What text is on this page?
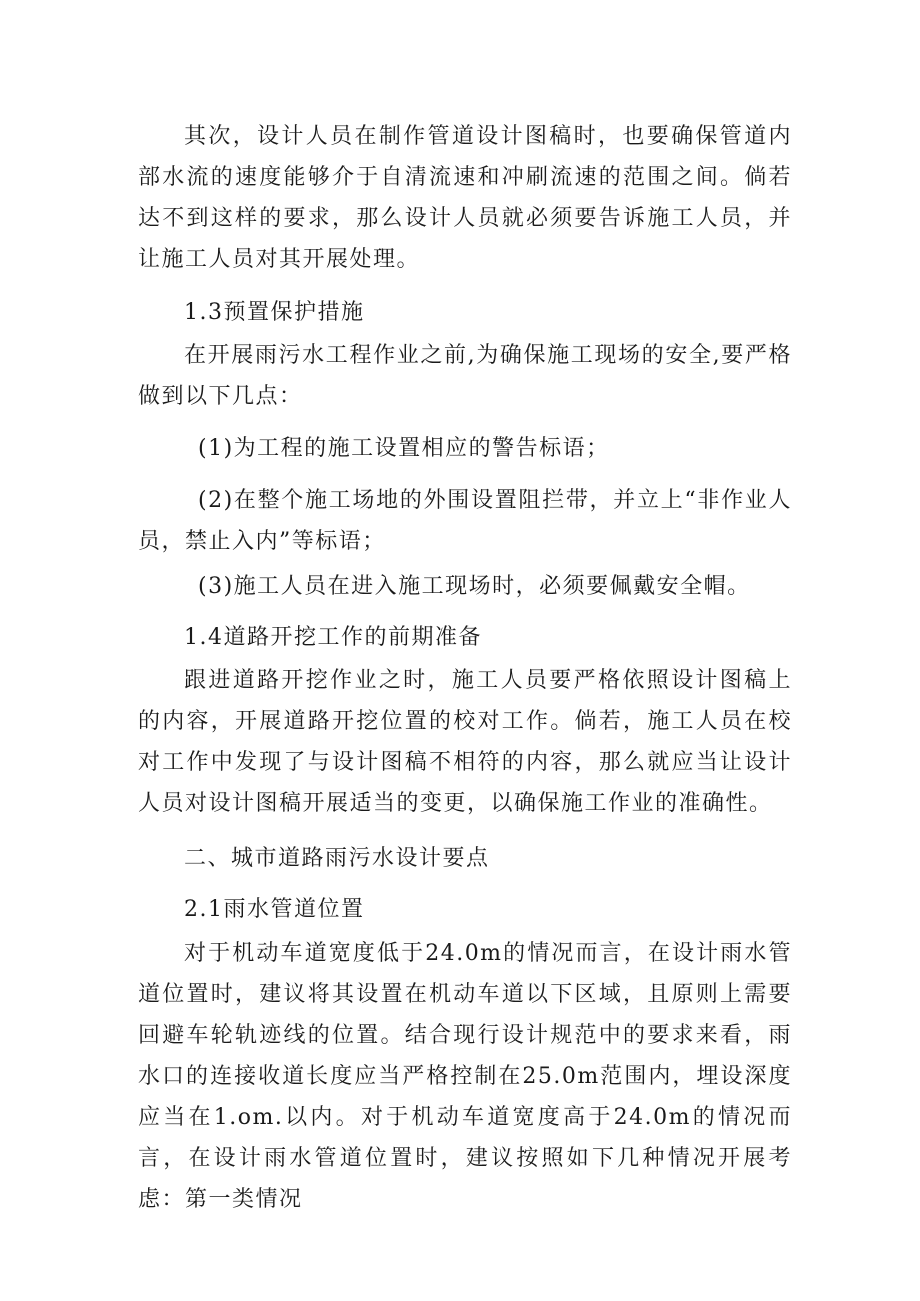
其次，设计人员在制作管道设计图稿时，也要确保管道内部水流的速度能够介于自清流速和冲刷流速的范围之间。倘若达不到这样的要求，那么设计人员就必须要告诉施工人员，并让施工人员对其开展处理。

1.3预置保护措施

在开展雨污水工程作业之前,为确保施工现场的安全,要严格做到以下几点：

(1)为工程的施工设置相应的警告标语；

(2)在整个施工场地的外围设置阻拦带，并立上“非作业人员，禁止入内”等标语；

(3)施工人员在进入施工现场时，必须要佩戴安全帽。

1.4道路开挖工作的前期准备

跟进道路开挖作业之时，施工人员要严格依照设计图稿上的内容，开展道路开挖位置的校对工作。倘若，施工人员在校对工作中发现了与设计图稿不相符的内容，那么就应当让设计人员对设计图稿开展适当的变更，以确保施工作业的准确性。

二、城市道路雨污水设计要点

2.1雨水管道位置

对于机动车道宽度低于24.0m的情况而言，在设计雨水管道位置时，建议将其设置在机动车道以下区域，且原则上需要回避车轮轨迹线的位置。结合现行设计规范中的要求来看，雨水口的连接收道长度应当严格控制在25.0m范围内，埋设深度应当在1.om.以内。对于机动车道宽度高于24.0m的情况而言，在设计雨水管道位置时，建议按照如下几种情况开展考虑：第一类情况
